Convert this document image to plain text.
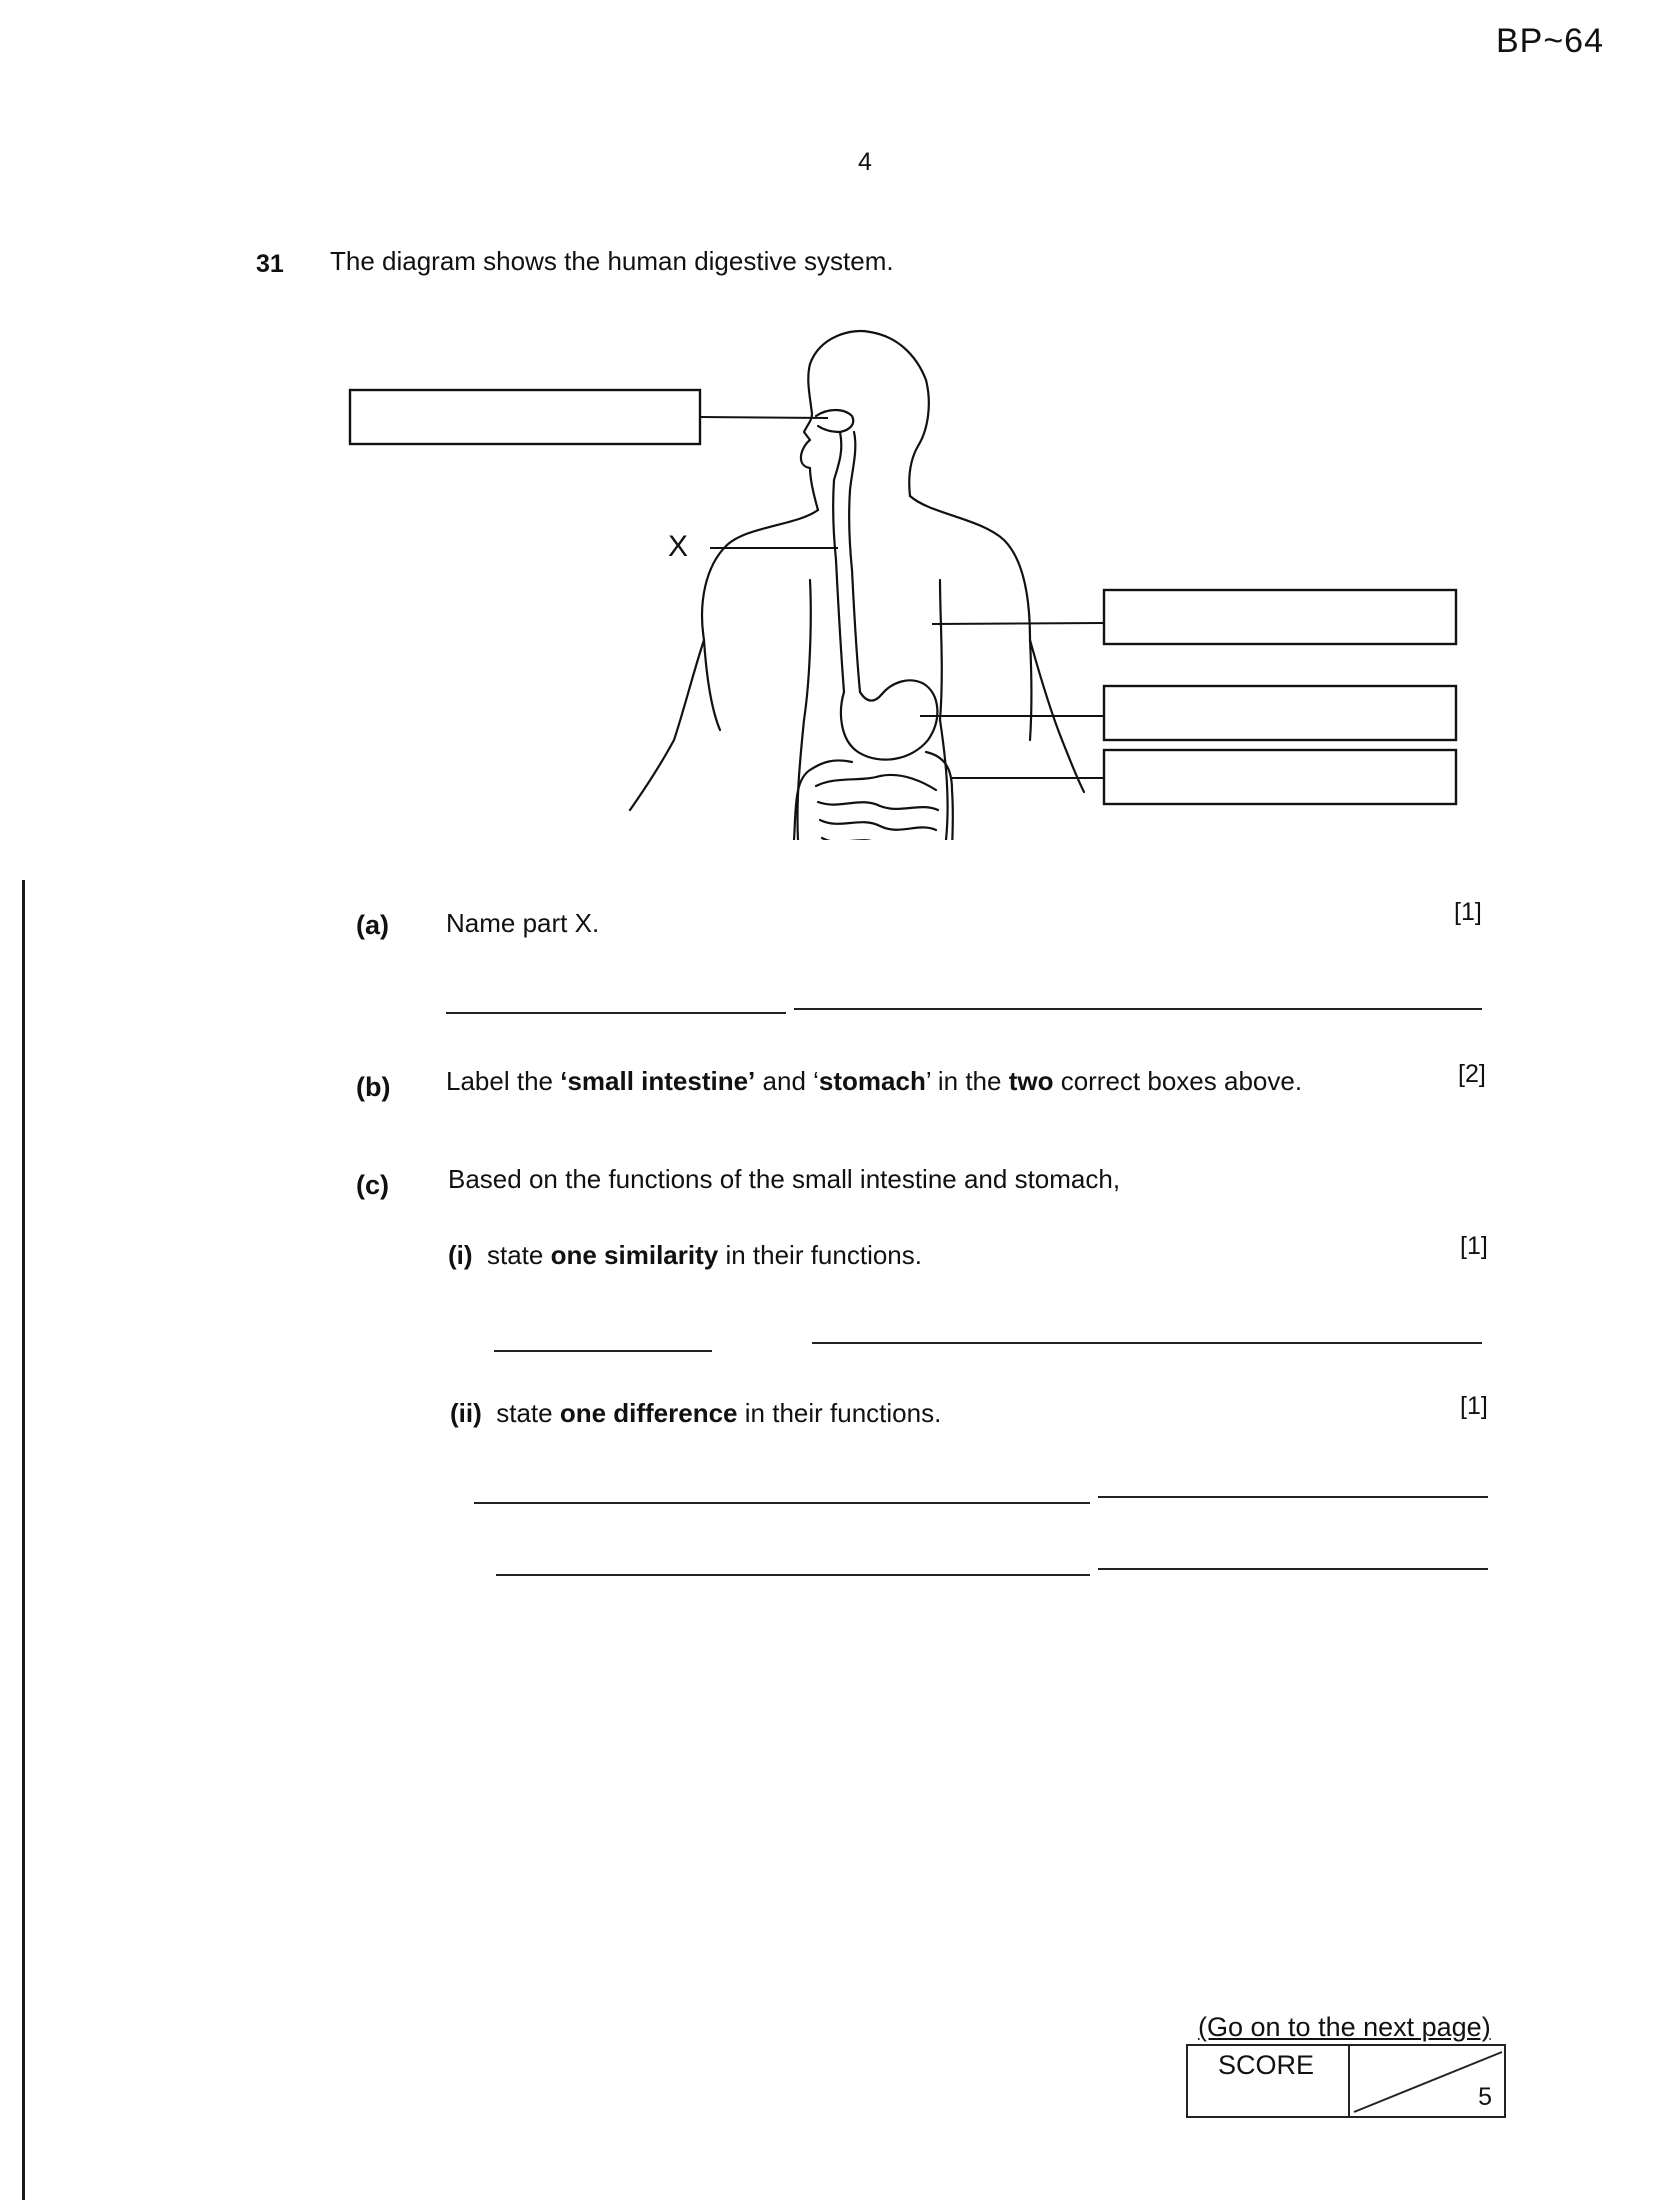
BP~64
4
31 The diagram shows the human digestive system.
X
(a) Name part X.	[1]
(b) Label the ‘small intestine’ and ‘stomach’ in the two correct boxes above.	[2]
(c) Based on the functions of the small intestine and stomach,
(i) state one similarity in their functions.	[1]
(ii) state one difference in their functions.	[1]
(Go on to the next page)
SCORE
5
